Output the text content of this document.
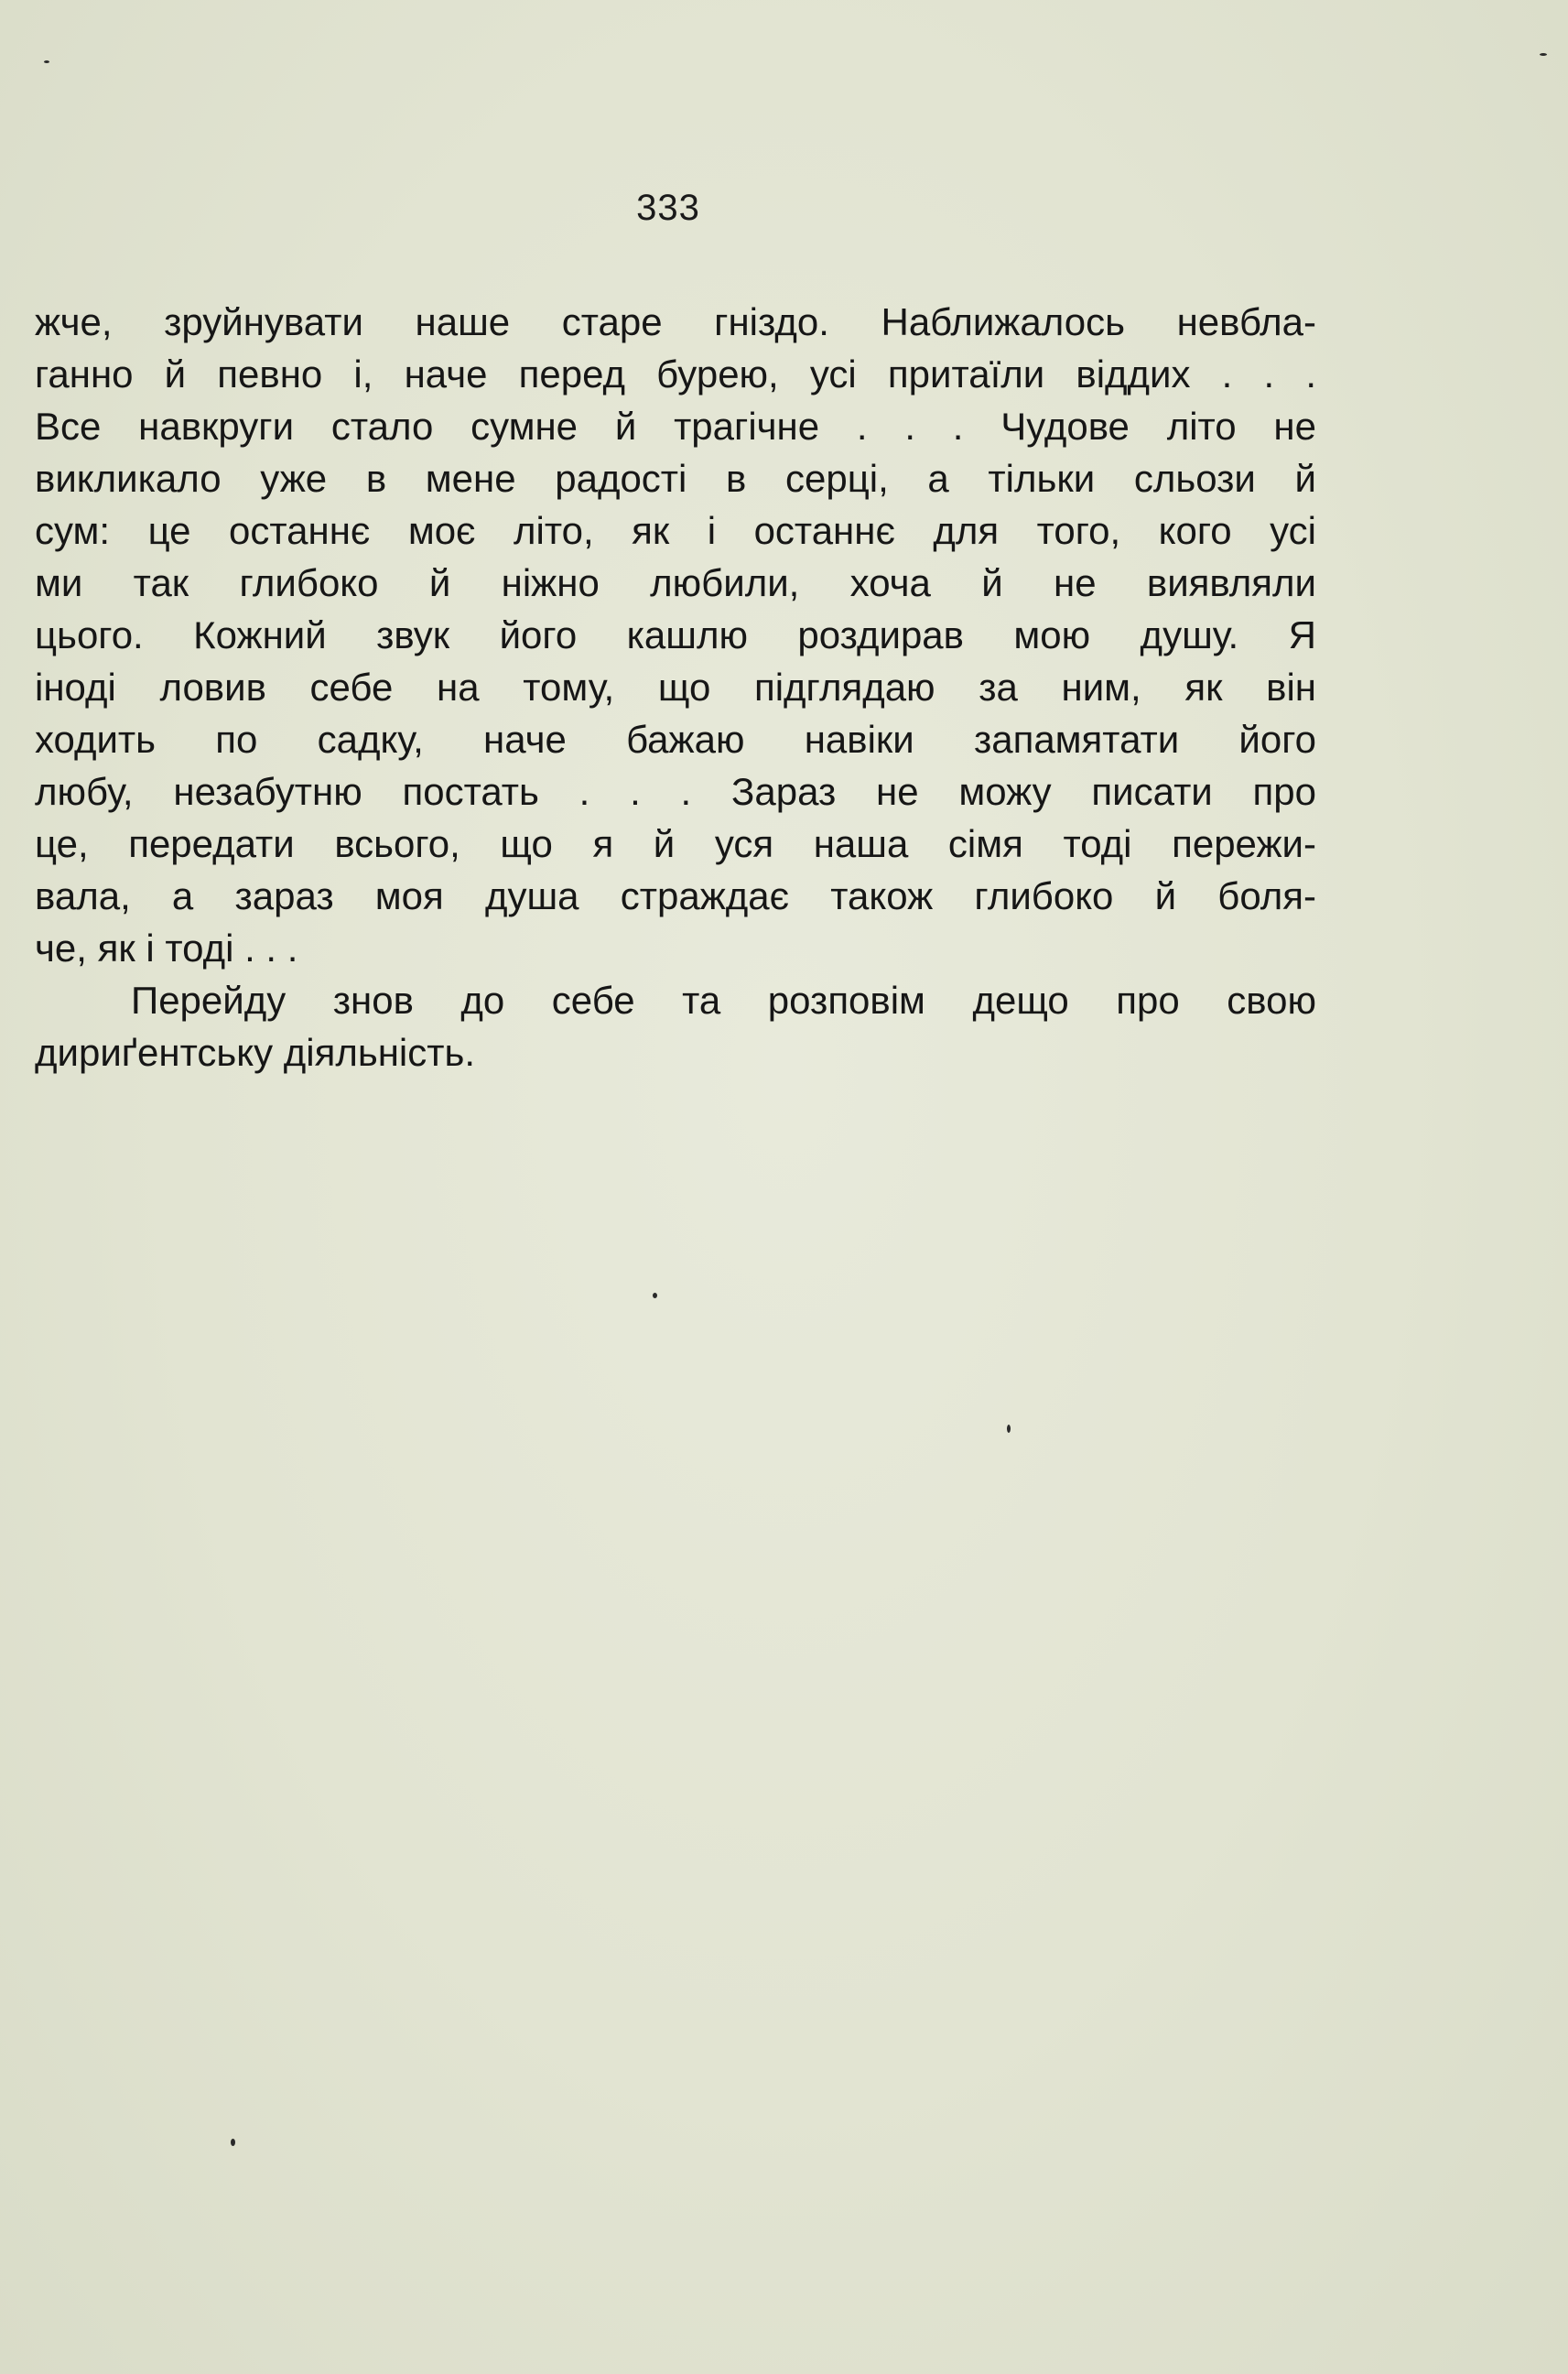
333
жче, зруйнувати наше старе гніздо. Наближалось невбла-
ганно й певно і, наче перед бурею, усі притаїли віддих . . .
Все навкруги стало сумне й трагічне . . . Чудове літо не
викликало уже в мене радості в серці, а тільки сльози й
сум: це останнє моє літо, як і останнє для того, кого усі
ми так глибоко й ніжно любили, хоча й не виявляли
цього. Кожний звук його кашлю роздирав мою душу. Я
іноді ловив себе на тому, що підглядаю за ним, як він
ходить по садку, наче бажаю навіки запамятати його
любу, незабутню постать . . . Зараз не можу писати про
це, передати всього, що я й уся наша сімя тоді пережи-
вала, а зараз моя душа страждає також глибоко й боля-
че, як і тоді . . .
Перейду знов до себе та розповім дещо про свою
дириґентську діяльність.
